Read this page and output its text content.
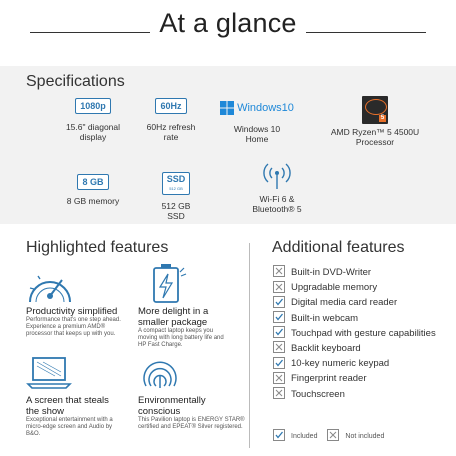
At a glance
Specifications
1080p
15.6" diagonal display
60Hz
60Hz refresh rate
Windows10
Windows 10 Home
5
AMD Ryzen™ 5 4500U Processor
8 GB
8 GB memory
SSD
512 GB
512 GB SSD
Wi-Fi 6 & Bluetooth® 5
Highlighted features
Productivity simplified
Performance that's one step ahead. Experience a premium AMD® processor that keeps up with you.
More delight in a smaller package
A compact laptop keeps you moving with long battery life and HP Fast Charge.
A screen that steals the show
Exceptional entertainment with a micro-edge screen and Audio by B&O.
Environmentally conscious
This Pavilion laptop is ENERGY STAR® certified and EPEAT® Silver registered.
Additional features
Built-in DVD-Writer
Upgradable memory
Digital media card reader
Built-in webcam
Touchpad with gesture capabilities
Backlit keyboard
10-key numeric keypad
Fingerprint reader
Touchscreen
Included	Not included
